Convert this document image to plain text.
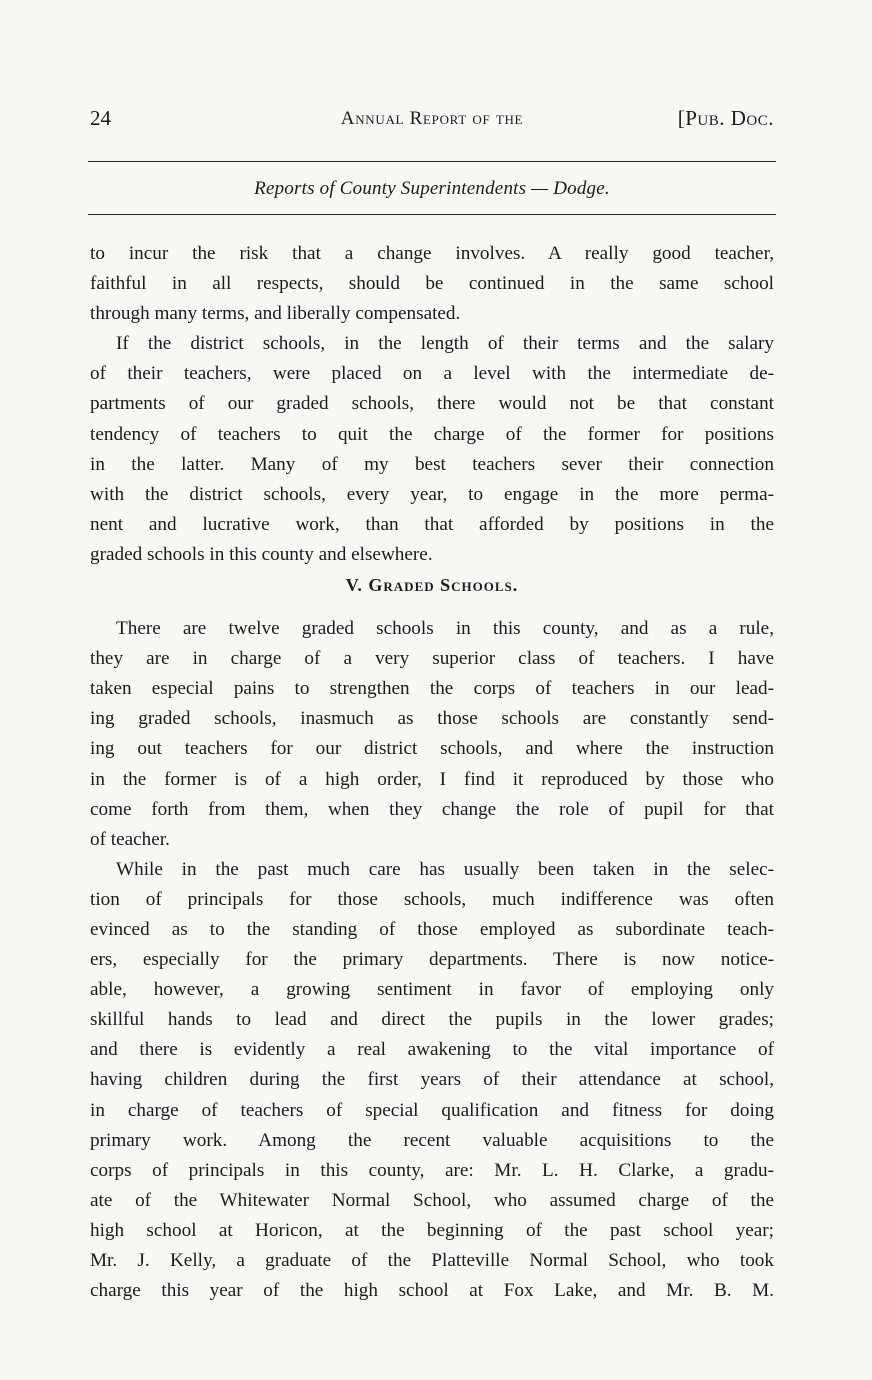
24	Annual Report of the	[Pub. Doc.
Reports of County Superintendents — Dodge.

to incur the risk that a change involves. A really good teacher,
faithful in all respects, should be continued in the same school
through many terms, and liberally compensated.

If the district schools, in the length of their terms and the salary
of their teachers, were placed on a level with the intermediate de-
partments of our graded schools, there would not be that constant
tendency of teachers to quit the charge of the former for positions
in the latter. Many of my best teachers sever their connection
with the district schools, every year, to engage in the more perma-
nent and lucrative work, than that afforded by positions in the
graded schools in this county and elsewhere.

V. Graded Schools.

There are twelve graded schools in this county, and as a rule,
they are in charge of a very superior class of teachers. I have
taken especial pains to strengthen the corps of teachers in our lead-
ing graded schools, inasmuch as those schools are constantly send-
ing out teachers for our district schools, and where the instruction
in the former is of a high order, I find it reproduced by those who
come forth from them, when they change the role of pupil for that
of teacher.

While in the past much care has usually been taken in the selec-
tion of principals for those schools, much indifference was often
evinced as to the standing of those employed as subordinate teach-
ers, especially for the primary departments. There is now notice-
able, however, a growing sentiment in favor of employing only
skillful hands to lead and direct the pupils in the lower grades;
and there is evidently a real awakening to the vital importance of
having children during the first years of their attendance at school,
in charge of teachers of special qualification and fitness for doing
primary work. Among the recent valuable acquisitions to the
corps of principals in this county, are: Mr. L. H. Clarke, a gradu-
ate of the Whitewater Normal School, who assumed charge of the
high school at Horicon, at the beginning of the past school year;
Mr. J. Kelly, a graduate of the Platteville Normal School, who took
charge this year of the high school at Fox Lake, and Mr. B. M.
